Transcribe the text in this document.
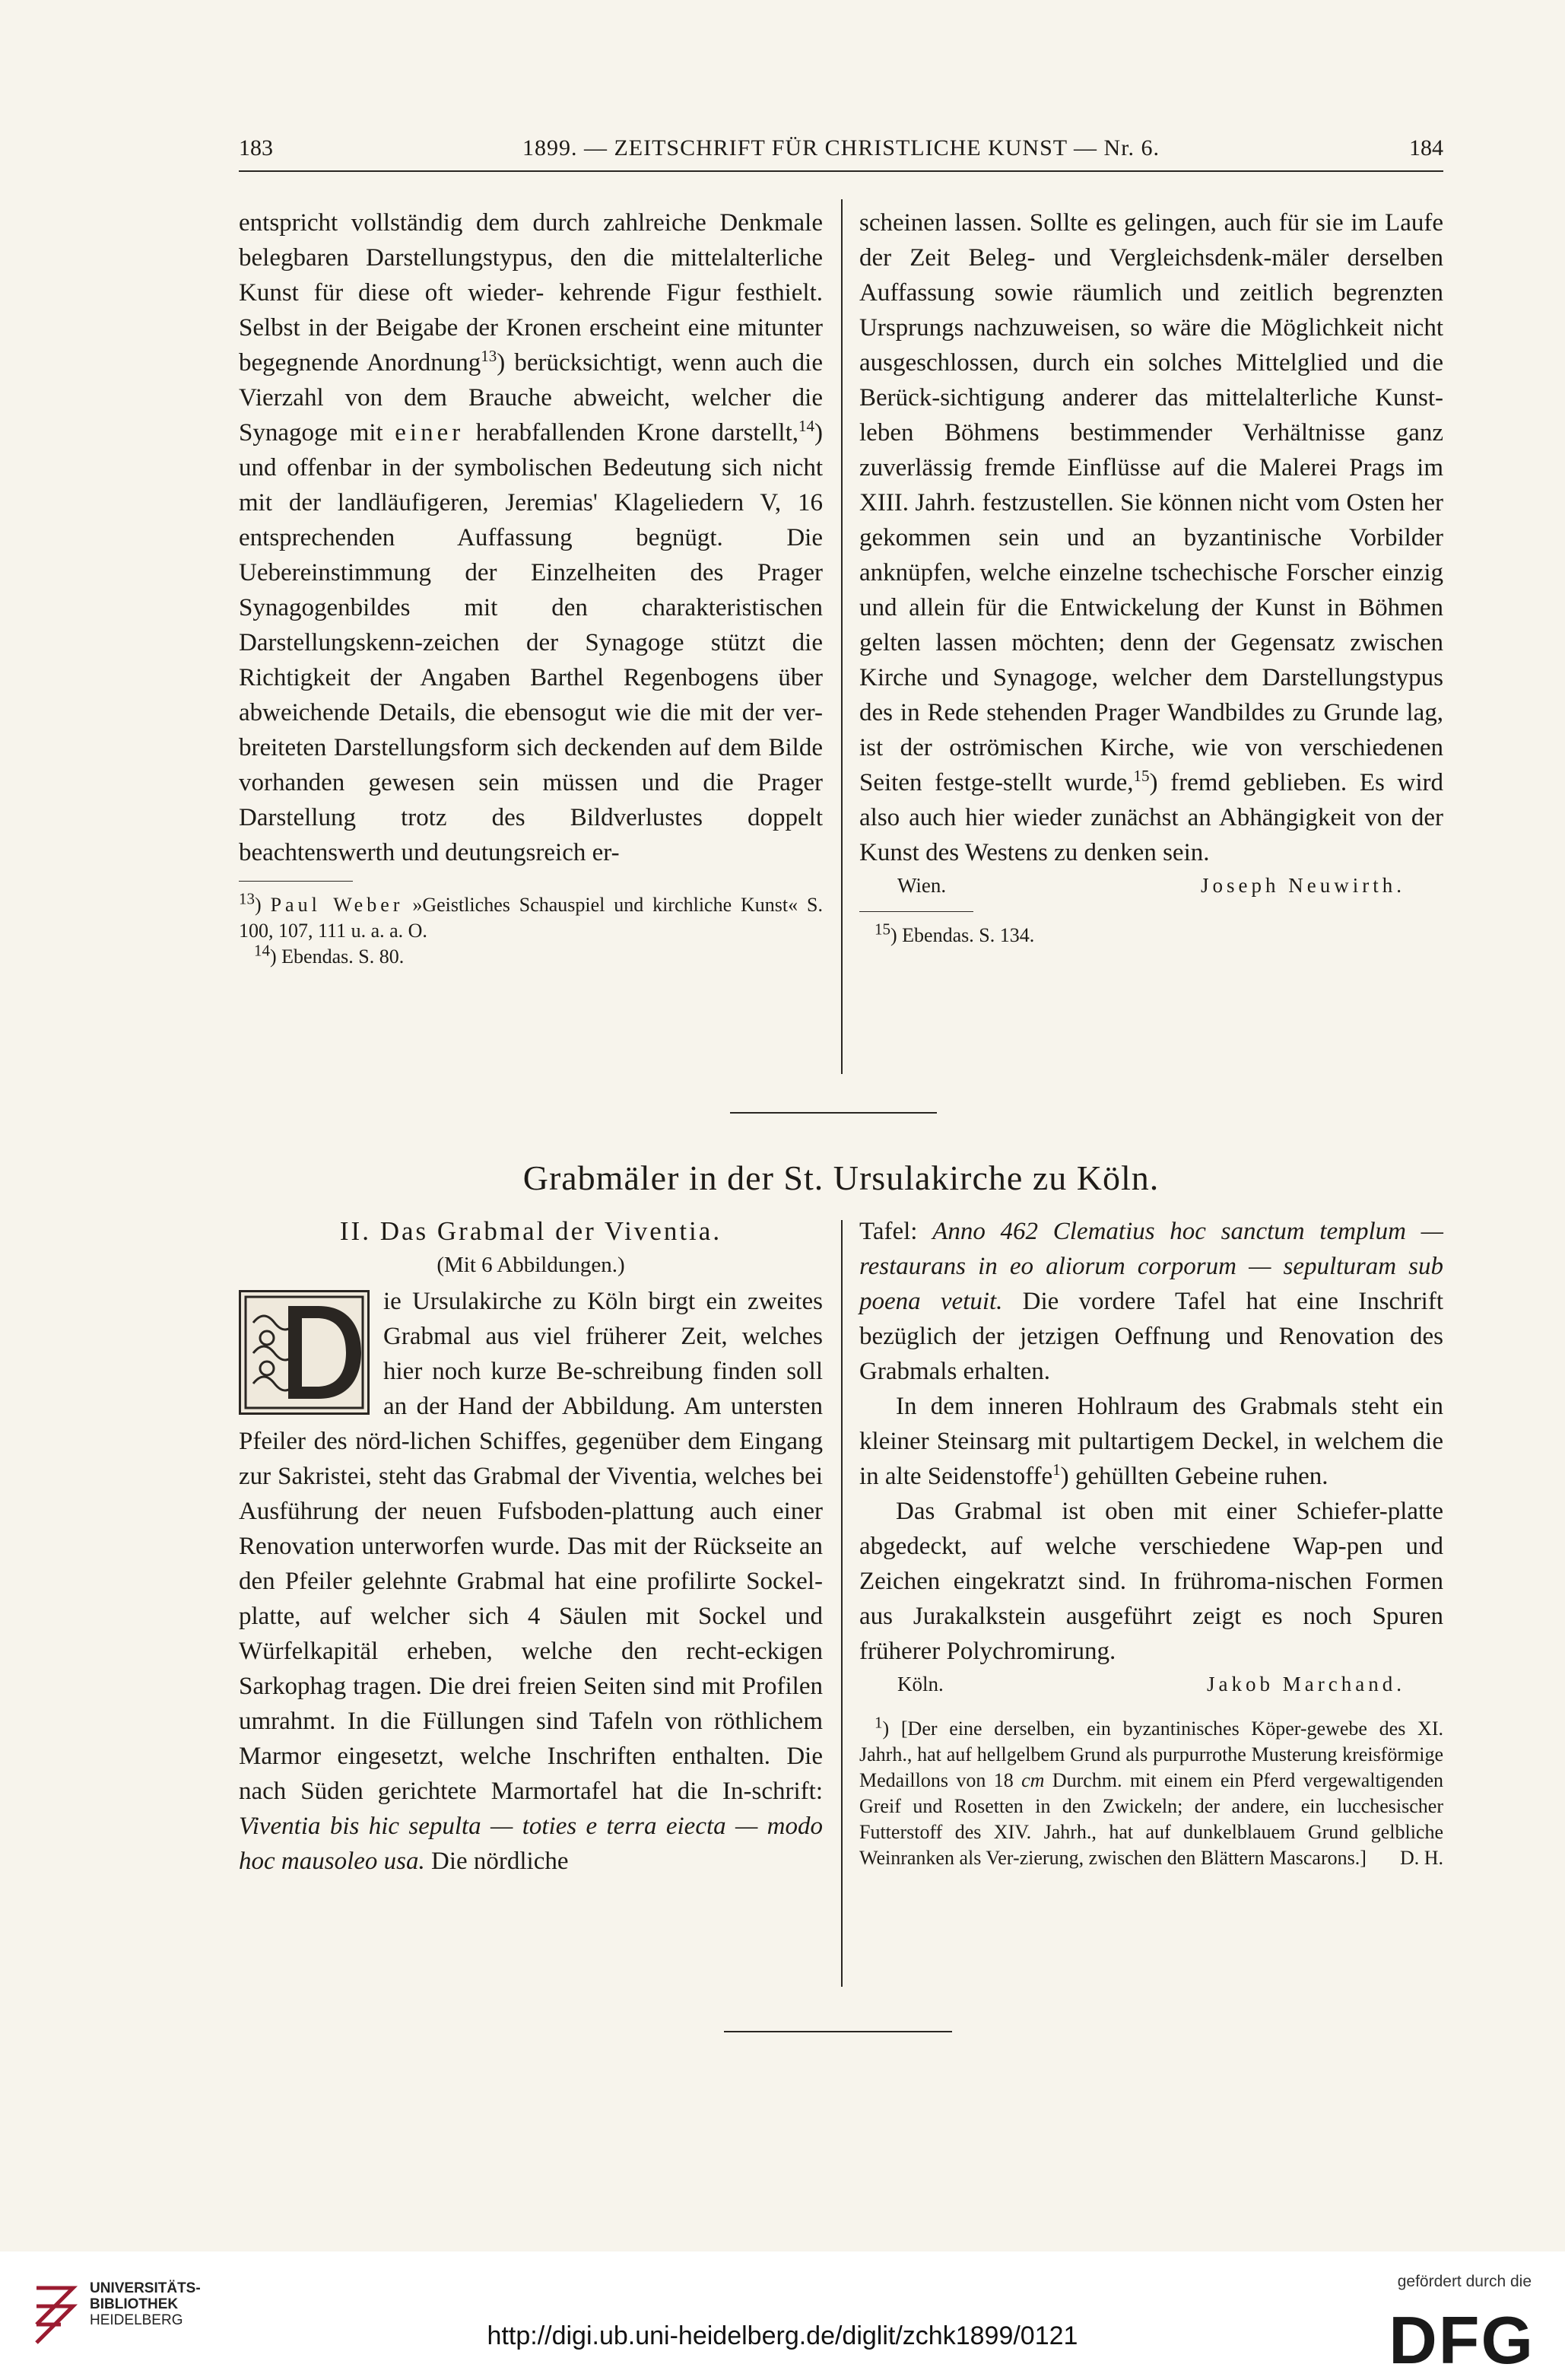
183	1899. — ZEITSCHRIFT FÜR CHRISTLICHE KUNST — Nr. 6.	184

entspricht vollständig dem durch zahlreiche Denkmale belegbaren Darstellungstypus, den die mittelalterliche Kunst für diese oft wieder- kehrende Figur festhielt. Selbst in der Beigabe der Kronen erscheint eine mitunter begegnende Anordnung$^{13}$) berücksichtigt, wenn auch die Vierzahl von dem Brauche abweicht, welcher die Synagoge mit einer herabfallenden Krone darstellt,$^{14}$) und offenbar in der symbolischen Bedeutung sich nicht mit der landläufigeren, Jeremias' Klageliedern V, 16 entsprechenden Auffassung begnügt. Die Uebereinstimmung der Einzelheiten des Prager Synagogenbildes mit den charakteristischen Darstellungskenn-zeichen der Synagoge stützt die Richtigkeit der Angaben Barthel Regenbogens über abweichende Details, die ebensogut wie die mit der ver-breiteten Darstellungsform sich deckenden auf dem Bilde vorhanden gewesen sein müssen und die Prager Darstellung trotz des Bildverlustes doppelt beachtenswerth und deutungsreich er-

$^{13}$) Paul Weber »Geistliches Schauspiel und kirchliche Kunst« S. 100, 107, 111 u. a. a. O.

$^{14}$) Ebendas. S. 80.

scheinen lassen. Sollte es gelingen, auch für sie im Laufe der Zeit Beleg- und Vergleichsdenk-mäler derselben Auffassung sowie räumlich und zeitlich begrenzten Ursprungs nachzuweisen, so wäre die Möglichkeit nicht ausgeschlossen, durch ein solches Mittelglied und die Berück-sichtigung anderer das mittelalterliche Kunst-leben Böhmens bestimmender Verhältnisse ganz zuverlässig fremde Einflüsse auf die Malerei Prags im XIII. Jahrh. festzustellen. Sie können nicht vom Osten her gekommen sein und an byzantinische Vorbilder anknüpfen, welche einzelne tschechische Forscher einzig und allein für die Entwickelung der Kunst in Böhmen gelten lassen möchten; denn der Gegensatz zwischen Kirche und Synagoge, welcher dem Darstellungstypus des in Rede stehenden Prager Wandbildes zu Grunde lag, ist der oströmischen Kirche, wie von verschiedenen Seiten festge-stellt wurde,$^{15}$) fremd geblieben. Es wird also auch hier wieder zunächst an Abhängigkeit von der Kunst des Westens zu denken sein.

Wien.	Joseph Neuwirth.

$^{15}$) Ebendas. S. 134.

Grabmäler in der St. Ursulakirche zu Köln.
II. Das Grabmal der Viventia.
(Mit 6 Abbildungen.)

ie Ursulakirche zu Köln birgt ein zweites Grabmal aus viel früherer Zeit, welches hier noch kurze Be-schreibung finden soll an der Hand der Abbildung. Am untersten Pfeiler des nörd-lichen Schiffes, gegenüber dem Eingang zur Sakristei, steht das Grabmal der Viventia, welches bei Ausführung der neuen Fufsboden-plattung auch einer Renovation unterworfen wurde. Das mit der Rückseite an den Pfeiler gelehnte Grabmal hat eine profilirte Sockel-platte, auf welcher sich 4 Säulen mit Sockel und Würfelkapitäl erheben, welche den recht-eckigen Sarkophag tragen. Die drei freien Seiten sind mit Profilen umrahmt. In die Füllungen sind Tafeln von röthlichem Marmor eingesetzt, welche Inschriften enthalten. Die nach Süden gerichtete Marmortafel hat die In-schrift: Viventia bis hic sepulta — toties e terra eiecta — modo hoc mausoleo usa. Die nördliche

Tafel: Anno 462 Clematius hoc sanctum templum — restaurans in eo aliorum corporum — sepulturam sub poena vetuit. Die vordere Tafel hat eine Inschrift bezüglich der jetzigen Oeffnung und Renovation des Grabmals erhalten.

In dem inneren Hohlraum des Grabmals steht ein kleiner Steinsarg mit pultartigem Deckel, in welchem die in alte Seidenstoffe$^1$) gehüllten Gebeine ruhen.

Das Grabmal ist oben mit einer Schiefer-platte abgedeckt, auf welche verschiedene Wap-pen und Zeichen eingekratzt sind. In frühroma-nischen Formen aus Jurakalkstein ausgeführt zeigt es noch Spuren früherer Polychromirung.

Köln.	Jakob Marchand.

$^1$) [Der eine derselben, ein byzantinisches Köper-gewebe des XI. Jahrh., hat auf hellgelbem Grund als purpurrothe Musterung kreisförmige Medaillons von 18 cm Durchm. mit einem ein Pferd vergewaltigenden Greif und Rosetten in den Zwickeln; der andere, ein lucchesischer Futterstoff des XIV. Jahrh., hat auf dunkelblauem Grund gelbliche Weinranken als Ver-zierung, zwischen den Blättern Mascarons.]	D. H.

UNIVERSITÄTS-
BIBLIOTHEK
HEIDELBERG
http://digi.ub.uni-heidelberg.de/diglit/zchk1899/0121
gefördert durch die
DFG
